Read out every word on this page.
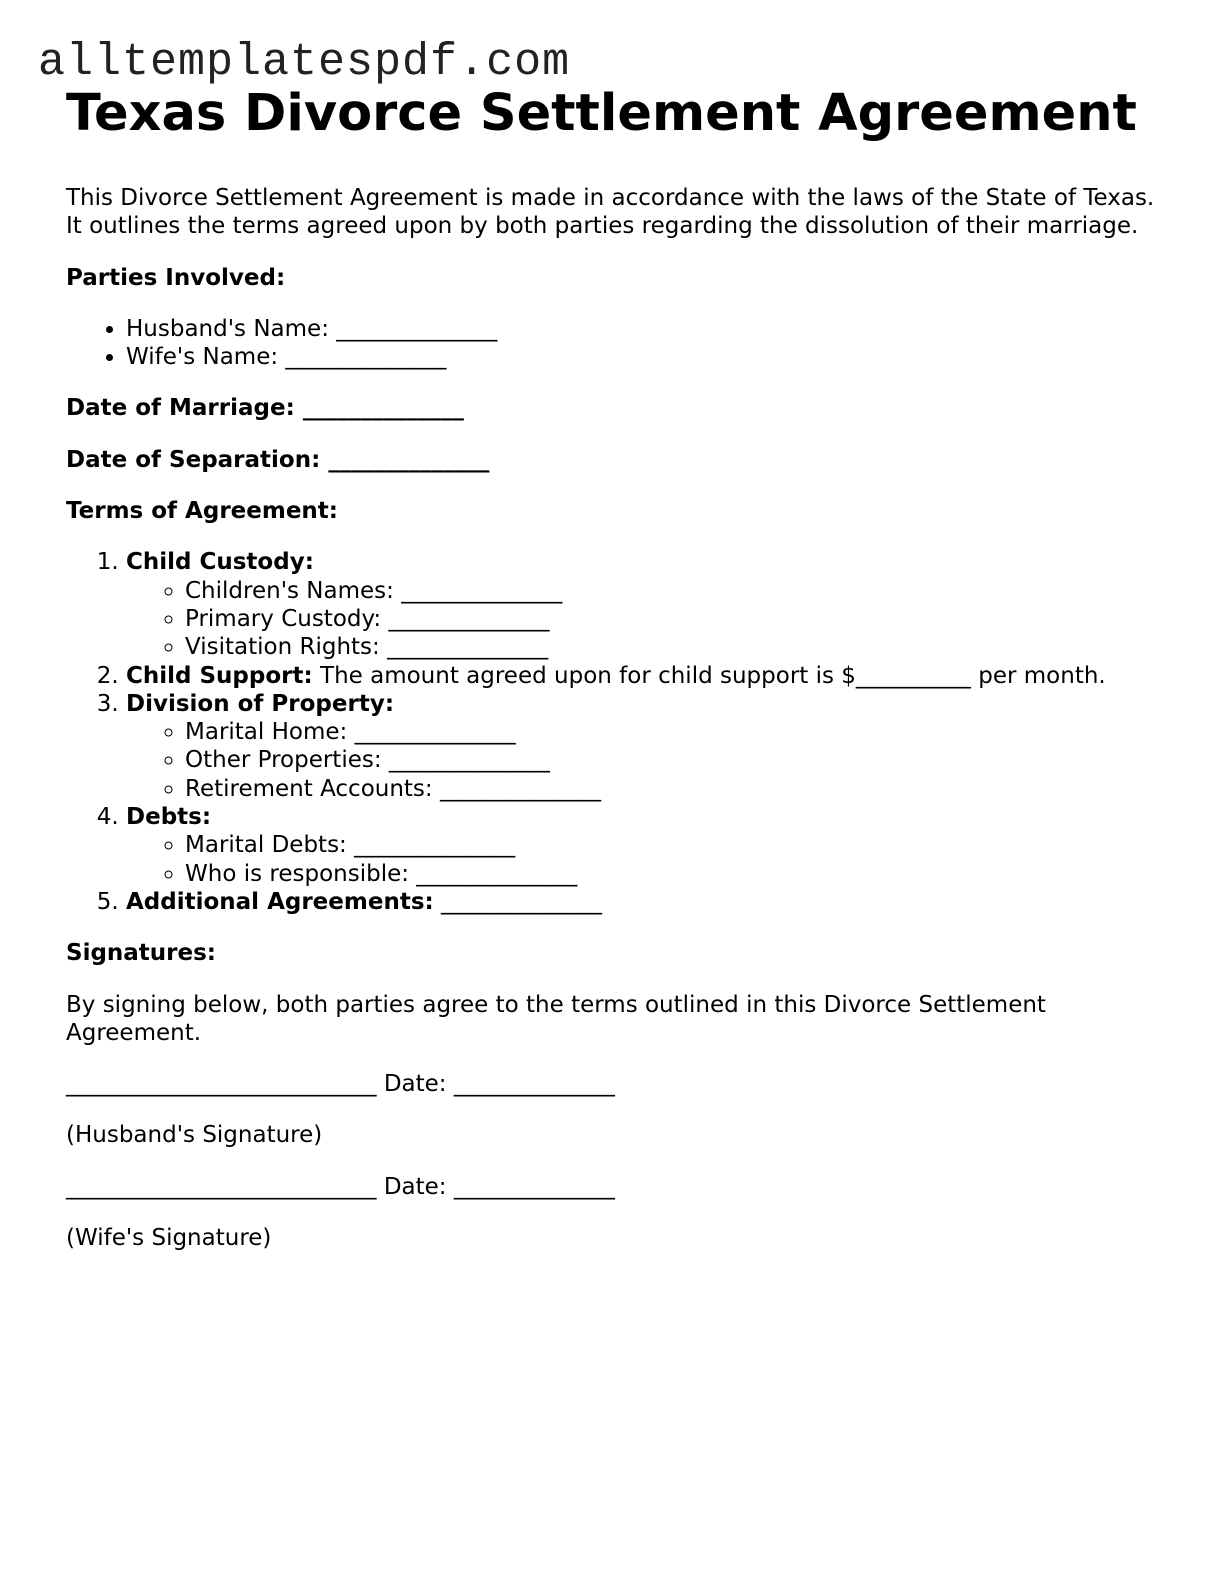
alltemplatespdf.com
Texas Divorce Settlement Agreement

This Divorce Settlement Agreement is made in accordance with the laws of the State of Texas. It outlines the terms agreed upon by both parties regarding the dissolution of their marriage.

Parties Involved:

• Husband's Name: ______________
• Wife's Name: ______________

Date of Marriage: ______________

Date of Separation: ______________

Terms of Agreement:

1. Child Custody:
◦ Children's Names: ______________
◦ Primary Custody: ______________
◦ Visitation Rights: ______________
2. Child Support: The amount agreed upon for child support is $__________ per month.
3. Division of Property:
◦ Marital Home: ______________
◦ Other Properties: ______________
◦ Retirement Accounts: ______________
4. Debts:
◦ Marital Debts: ______________
◦ Who is responsible: ______________
5. Additional Agreements: ______________

Signatures:

By signing below, both parties agree to the terms outlined in this Divorce Settlement Agreement.

___________________________ Date: ______________

(Husband's Signature)

___________________________ Date: ______________

(Wife's Signature)
